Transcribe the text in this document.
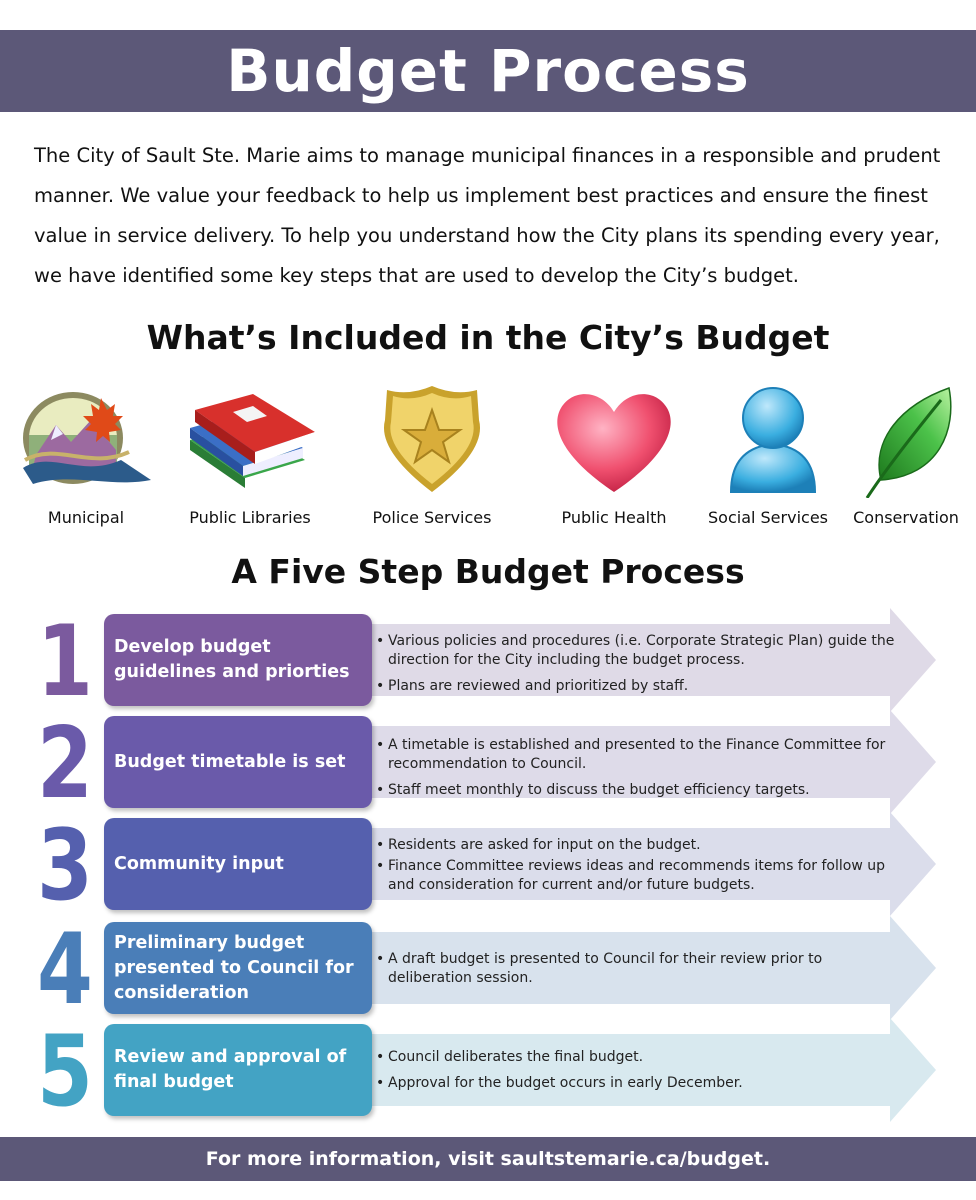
Budget Process

The City of Sault Ste. Marie aims to manage municipal finances in a responsible and prudent manner. We value your feedback to help us implement best practices and ensure the finest value in service delivery. To help you understand how the City plans its spending every year, we have identified some key steps that are used to develop the City’s budget.

What’s Included in the City’s Budget
Municipal	Public Libraries	Police Services	Public Health	Social Services	Conservation
A Five Step Budget Process
1 Develop budget guidelines and priorties
• Various policies and procedures (i.e. Corporate Strategic Plan) guide the direction for the City including the budget process.
• Plans are reviewed and prioritized by staff.
2 Budget timetable is set
• A timetable is established and presented to the Finance Committee for recommendation to Council.
• Staff meet monthly to discuss the budget efficiency targets.
3 Community input
• Residents are asked for input on the budget.
• Finance Committee reviews ideas and recommends items for follow up and consideration for current and/or future budgets.
4 Preliminary budget presented to Council for consideration
• A draft budget is presented to Council for their review prior to deliberation session.
5 Review and approval of final budget
• Council deliberates the final budget.
• Approval for the budget occurs in early December.
For more information, visit saultstemarie.ca/budget.
